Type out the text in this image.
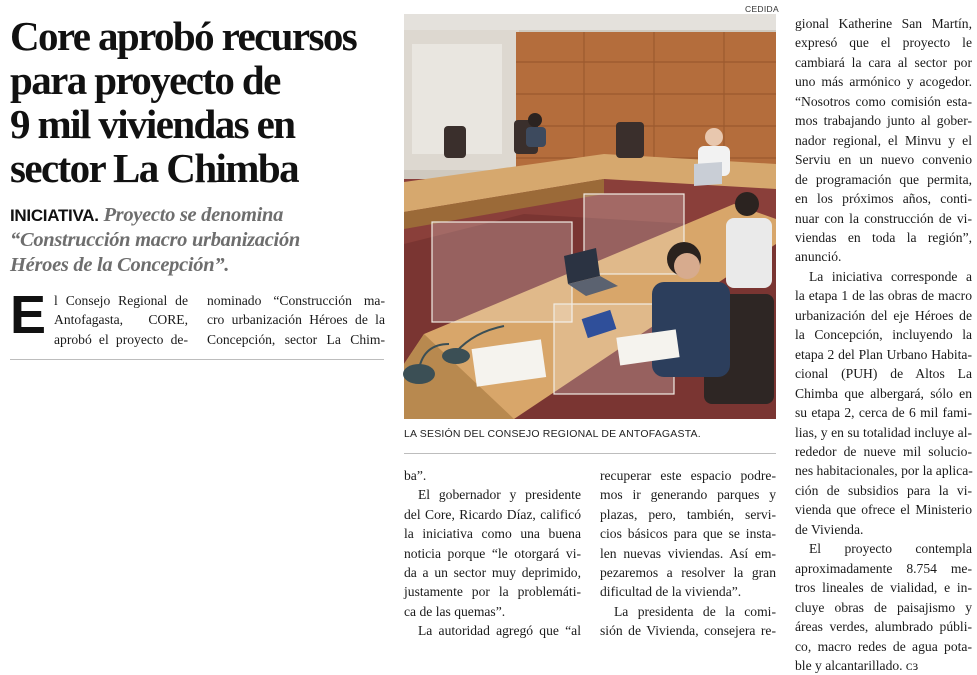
Core aprobó recursos
para proyecto de
9 mil viviendas en
sector La Chimba
INICIATIVA. Proyecto se denomina
“Construcción macro urbanización
Héroes de la Concepción”.
E l Consejo Regional de
Antofagasta, CORE,
aprobó el proyecto de-
nominado “Construcción ma-
cro urbanización Héroes de la
Concepción, sector La Chim-
CEDIDA
LA SESIÓN DEL CONSEJO REGIONAL DE ANTOFAGASTA.
ba”.
El gobernador y presidente
del Core, Ricardo Díaz, calificó
la iniciativa como una buena
noticia porque “le otorgará vi-
da a un sector muy deprimido,
justamente por la problemáti-
ca de las quemas”.
La autoridad agregó que “al
recuperar este espacio podre-
mos ir generando parques y
plazas, pero, también, servi-
cios básicos para que se insta-
len nuevas viviendas. Así em-
pezaremos a resolver la gran
dificultad de la vivienda”.
La presidenta de la comi-
sión de Vivienda, consejera re-
gional Katherine San Martín,
expresó que el proyecto le
cambiará la cara al sector por
uno más armónico y acogedor.
“Nosotros como comisión esta-
mos trabajando junto al gober-
nador regional, el Minvu y el
Serviu en un nuevo convenio
de programación que permita,
en los próximos años, conti-
nuar con la construcción de vi-
viendas en toda la región”,
anunció.
La iniciativa corresponde a
la etapa 1 de las obras de macro
urbanización del eje Héroes de
la Concepción, incluyendo la
etapa 2 del Plan Urbano Habita-
cional (PUH) de Altos La
Chimba que albergará, sólo en
su etapa 2, cerca de 6 mil fami-
lias, y en su totalidad incluye al-
rededor de nueve mil solucio-
nes habitacionales, por la aplica-
ción de subsidios para la vi-
vienda que ofrece el Ministerio
de Vivienda.
El proyecto contempla
aproximadamente 8.754 me-
tros lineales de vialidad, e in-
cluye obras de paisajismo y
áreas verdes, alumbrado públi-
co, macro redes de agua pota-
ble y alcantarillado. ᴄɜ
